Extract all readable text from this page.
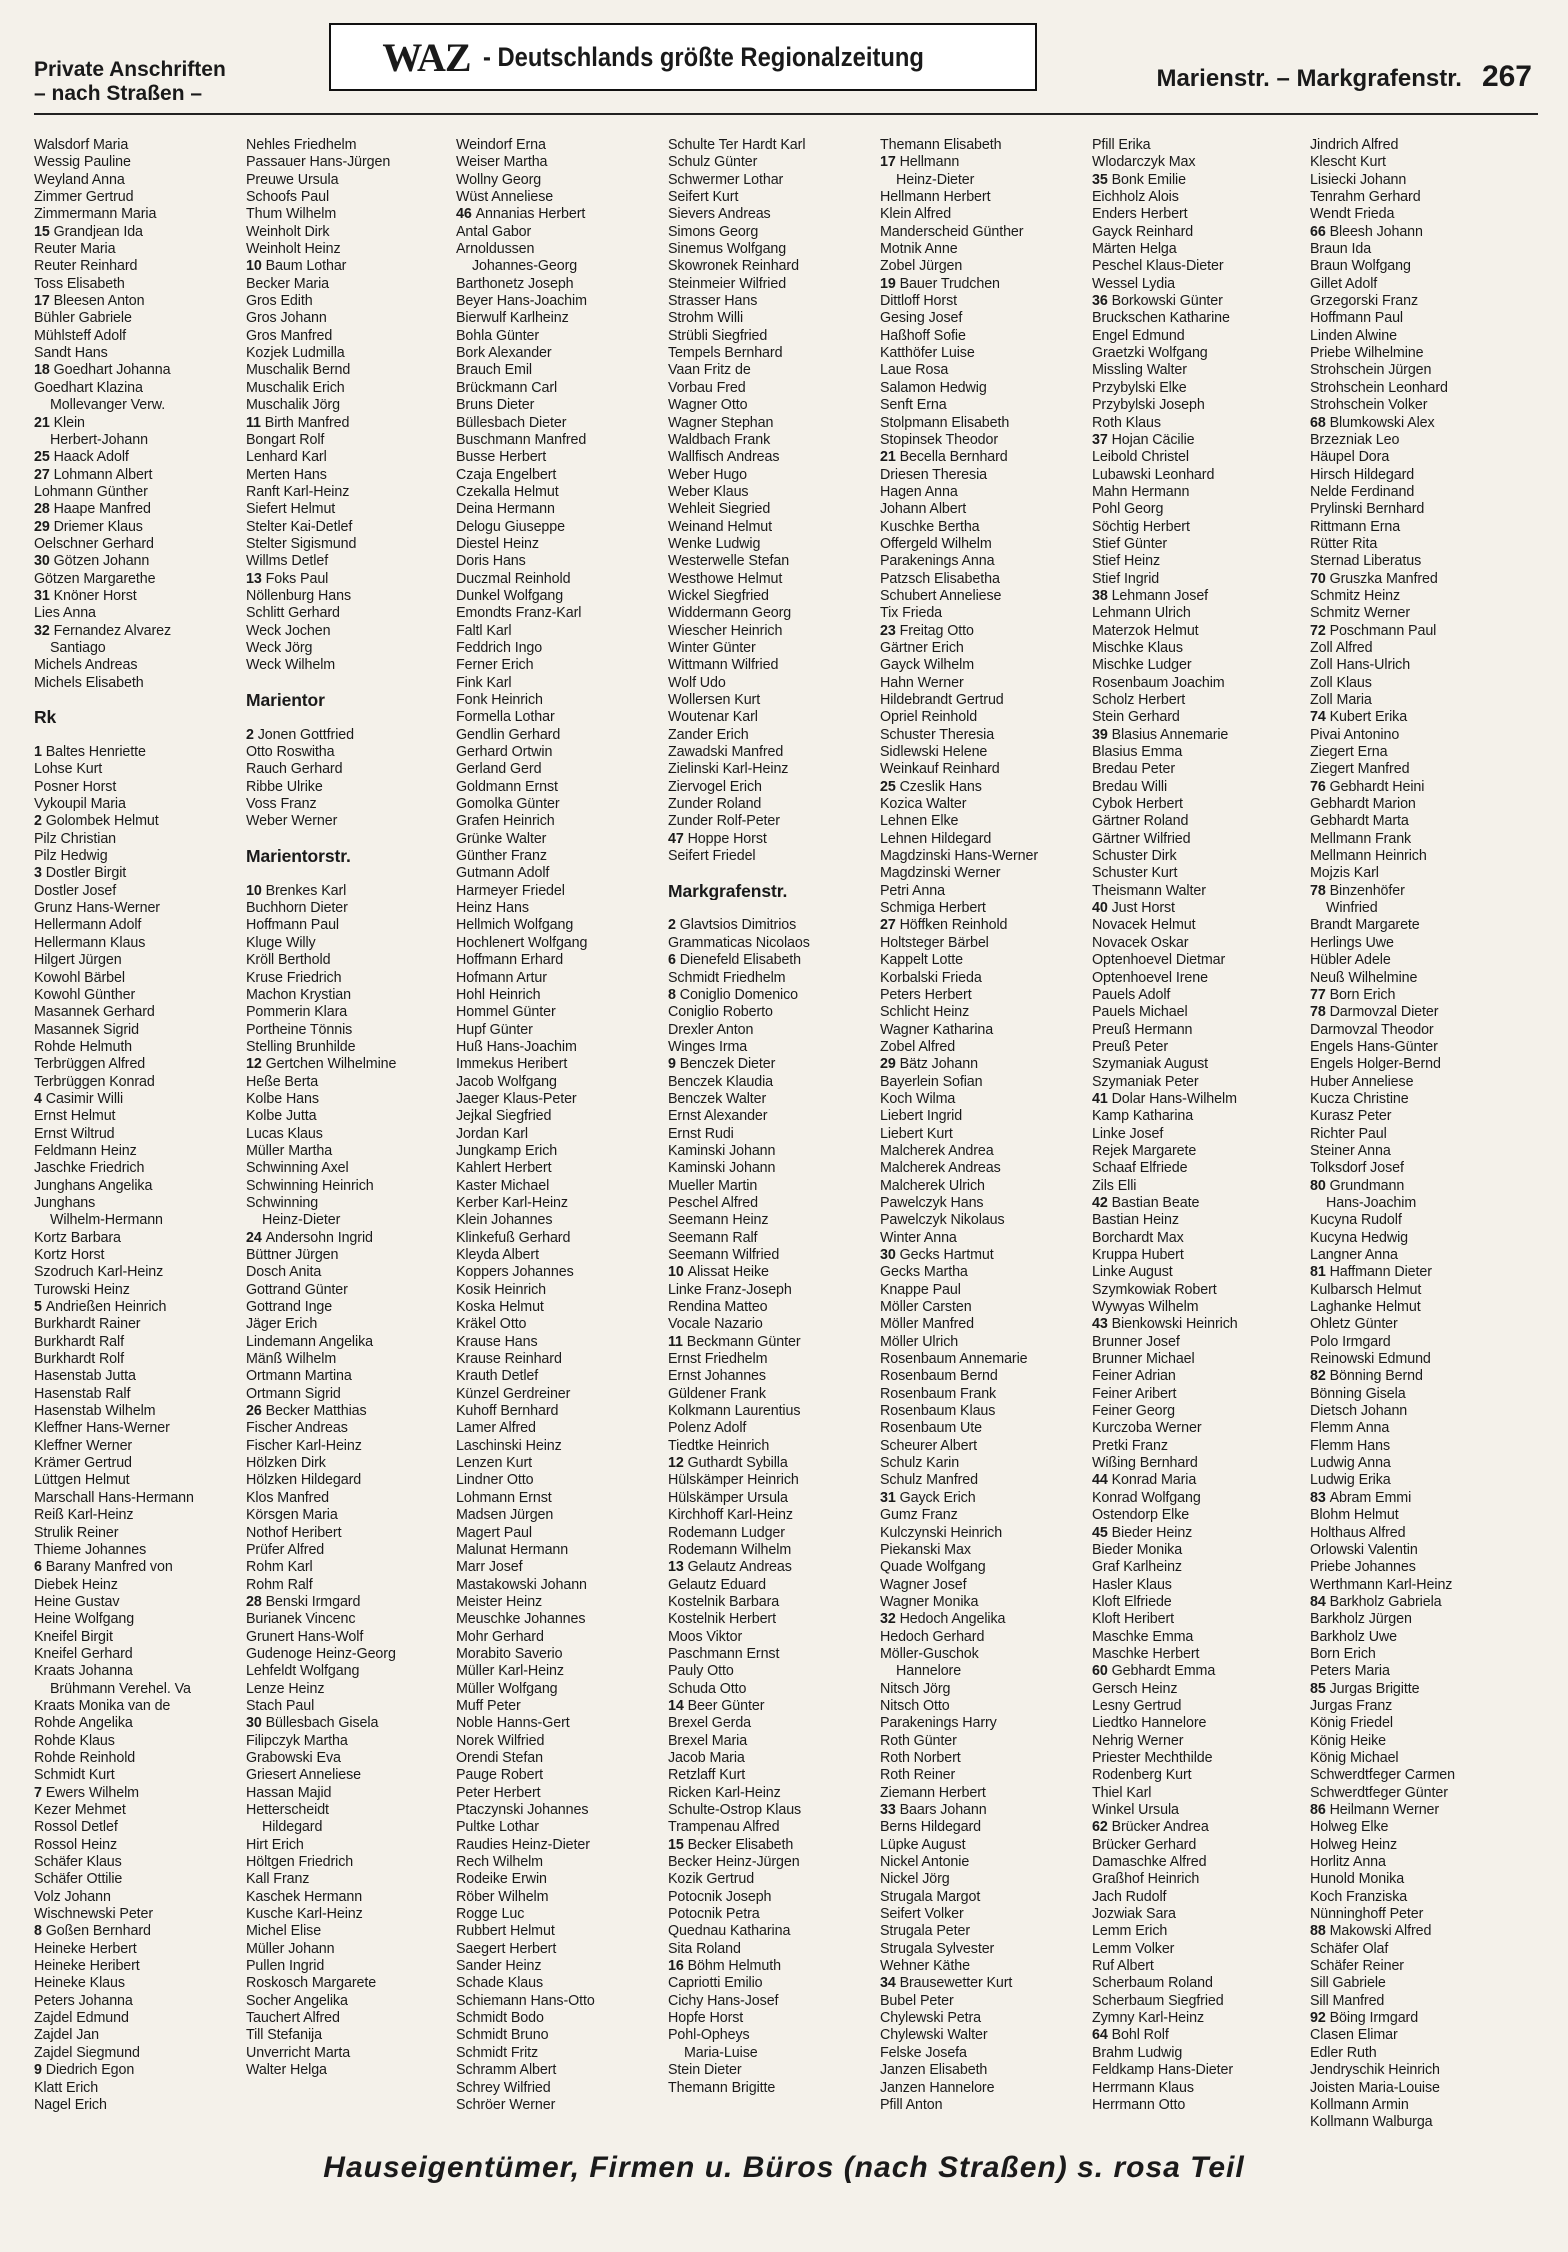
Private Anschriften
– nach Straßen –
WAZ - Deutschlands größte Regionalzeitung
Marienstr. – Markgrafenstr. 267
Walsdorf Maria
Wessig Pauline
Weyland Anna
Zimmer Gertrud
Zimmermann Maria
15 Grandjean Ida
Reuter Maria
Reuter Reinhard
Toss Elisabeth
17 Bleesen Anton
Bühler Gabriele
Mühlsteff Adolf
Sandt Hans
18 Goedhart Johanna
Goedhart Klazina
Mollevanger Verw.
21 Klein
Herbert-Johann
25 Haack Adolf
27 Lohmann Albert
Lohmann Günther
28 Haape Manfred
29 Driemer Klaus
Oelschner Gerhard
30 Götzen Johann
Götzen Margarethe
31 Knöner Horst
Lies Anna
32 Fernandez Alvarez
Santiago
Michels Andreas
Michels Elisabeth
Rk
1 Baltes Henriette
Lohse Kurt
Posner Horst
Vykoupil Maria
2 Golombek Helmut
Pilz Christian
Pilz Hedwig
3 Dostler Birgit
Dostler Josef
Grunz Hans-Werner
Hellermann Adolf
Hellermann Klaus
Hilgert Jürgen
Kowohl Bärbel
Kowohl Günther
Masannek Gerhard
Masannek Sigrid
Rohde Helmuth
Terbrüggen Alfred
Terbrüggen Konrad
4 Casimir Willi
Ernst Helmut
Ernst Wiltrud
Feldmann Heinz
Jaschke Friedrich
Junghans Angelika
Junghans
Wilhelm-Hermann
Kortz Barbara
Kortz Horst
Szodruch Karl-Heinz
Turowski Heinz
5 Andrießen Heinrich
Burkhardt Rainer
Burkhardt Ralf
Burkhardt Rolf
Hasenstab Jutta
Hasenstab Ralf
Hasenstab Wilhelm
Kleffner Hans-Werner
Kleffner Werner
Krämer Gertrud
Lüttgen Helmut
Marschall Hans-Hermann
Reiß Karl-Heinz
Strulik Reiner
Thieme Johannes
6 Barany Manfred von
Diebek Heinz
Heine Gustav
Heine Wolfgang
Kneifel Birgit
Kneifel Gerhard
Kraats Johanna
Brühmann Verehel. Va
Kraats Monika van de
Rohde Angelika
Rohde Klaus
Rohde Reinhold
Schmidt Kurt
7 Ewers Wilhelm
Kezer Mehmet
Rossol Detlef
Rossol Heinz
Schäfer Klaus
Schäfer Ottilie
Volz Johann
Wischnewski Peter
8 Goßen Bernhard
Heineke Herbert
Heineke Heribert
Heineke Klaus
Peters Johanna
Zajdel Edmund
Zajdel Jan
Zajdel Siegmund
9 Diedrich Egon
Klatt Erich
Nagel Erich
Nehles Friedhelm
Passauer Hans-Jürgen
Preuwe Ursula
Schoofs Paul
Thum Wilhelm
Weinholt Dirk
Weinholt Heinz
10 Baum Lothar
Becker Maria
Gros Edith
Gros Johann
Gros Manfred
Kozjek Ludmilla
Muschalik Bernd
Muschalik Erich
Muschalik Jörg
11 Birth Manfred
Bongart Rolf
Lenhard Karl
Merten Hans
Ranft Karl-Heinz
Siefert Helmut
Stelter Kai-Detlef
Stelter Sigismund
Willms Detlef
13 Foks Paul
Nöllenburg Hans
Schlitt Gerhard
Weck Jochen
Weck Jörg
Weck Wilhelm
Marientor
2 Jonen Gottfried
Otto Roswitha
Rauch Gerhard
Ribbe Ulrike
Voss Franz
Weber Werner
Marientorstr.
10 Brenkes Karl
Buchhorn Dieter
Hoffmann Paul
Kluge Willy
Kröll Berthold
Kruse Friedrich
Machon Krystian
Pommerin Klara
Portheine Tönnis
Stelling Brunhilde
12 Gertchen Wilhelmine
Heße Berta
Kolbe Hans
Kolbe Jutta
Lucas Klaus
Müller Martha
Schwinning Axel
Schwinning Heinrich
Schwinning
Heinz-Dieter
24 Andersohn Ingrid
Büttner Jürgen
Dosch Anita
Gottrand Günter
Gottrand Inge
Jäger Erich
Lindemann Angelika
Mänß Wilhelm
Ortmann Martina
Ortmann Sigrid
26 Becker Matthias
Fischer Andreas
Fischer Karl-Heinz
Hölzken Dirk
Hölzken Hildegard
Klos Manfred
Körsgen Maria
Nothof Heribert
Prüfer Alfred
Rohm Karl
Rohm Ralf
28 Benski Irmgard
Burianek Vincenc
Grunert Hans-Wolf
Gudenoge Heinz-Georg
Lehfeldt Wolfgang
Lenze Heinz
Stach Paul
30 Büllesbach Gisela
Filipczyk Martha
Grabowski Eva
Griesert Anneliese
Hassan Majid
Hetterscheidt
Hildegard
Hirt Erich
Höltgen Friedrich
Kall Franz
Kaschek Hermann
Kusche Karl-Heinz
Michel Elise
Müller Johann
Pullen Ingrid
Roskosch Margarete
Socher Angelika
Tauchert Alfred
Till Stefanija
Unverricht Marta
Walter Helga
Weindorf Erna
Weiser Martha
Wollny Georg
Wüst Anneliese
46 Annanias Herbert
Antal Gabor
Arnoldussen
Johannes-Georg
Barthonetz Joseph
Beyer Hans-Joachim
Bierwulf Karlheinz
Bohla Günter
Bork Alexander
Brauch Emil
Brückmann Carl
Bruns Dieter
Büllesbach Dieter
Buschmann Manfred
Busse Herbert
Czaja Engelbert
Czekalla Helmut
Deina Hermann
Delogu Giuseppe
Diestel Heinz
Doris Hans
Duczmal Reinhold
Dunkel Wolfgang
Emondts Franz-Karl
Faltl Karl
Feddrich Ingo
Ferner Erich
Fink Karl
Fonk Heinrich
Formella Lothar
Gendlin Gerhard
Gerhard Ortwin
Gerland Gerd
Goldmann Ernst
Gomolka Günter
Grafen Heinrich
Grünke Walter
Günther Franz
Gutmann Adolf
Harmeyer Friedel
Heinz Hans
Hellmich Wolfgang
Hochlenert Wolfgang
Hoffmann Erhard
Hofmann Artur
Hohl Heinrich
Hommel Günter
Hupf Günter
Huß Hans-Joachim
Immekus Heribert
Jacob Wolfgang
Jaeger Klaus-Peter
Jejkal Siegfried
Jordan Karl
Jungkamp Erich
Kahlert Herbert
Kaster Michael
Kerber Karl-Heinz
Klein Johannes
Klinkefuß Gerhard
Kleyda Albert
Koppers Johannes
Kosik Heinrich
Koska Helmut
Kräkel Otto
Krause Hans
Krause Reinhard
Krauth Detlef
Künzel Gerdreiner
Kuhoff Bernhard
Lamer Alfred
Laschinski Heinz
Lenzen Kurt
Lindner Otto
Lohmann Ernst
Madsen Jürgen
Magert Paul
Malunat Hermann
Marr Josef
Mastakowski Johann
Meister Heinz
Meuschke Johannes
Mohr Gerhard
Morabito Saverio
Müller Karl-Heinz
Müller Wolfgang
Muff Peter
Noble Hanns-Gert
Norek Wilfried
Orendi Stefan
Pauge Robert
Peter Herbert
Ptaczynski Johannes
Pultke Lothar
Raudies Heinz-Dieter
Rech Wilhelm
Rodeike Erwin
Röber Wilhelm
Rogge Luc
Rubbert Helmut
Saegert Herbert
Sander Heinz
Schade Klaus
Schiemann Hans-Otto
Schmidt Bodo
Schmidt Bruno
Schmidt Fritz
Schramm Albert
Schrey Wilfried
Schröer Werner
Schulte Ter Hardt Karl
Schulz Günter
Schwermer Lothar
Seifert Kurt
Sievers Andreas
Simons Georg
Sinemus Wolfgang
Skowronek Reinhard
Steinmeier Wilfried
Strasser Hans
Strohm Willi
Strübli Siegfried
Tempels Bernhard
Vaan Fritz de
Vorbau Fred
Wagner Otto
Wagner Stephan
Waldbach Frank
Wallfisch Andreas
Weber Hugo
Weber Klaus
Wehleit Siegried
Weinand Helmut
Wenke Ludwig
Westerwelle Stefan
Westhowe Helmut
Wickel Siegfried
Widdermann Georg
Wiescher Heinrich
Winter Günter
Wittmann Wilfried
Wolf Udo
Wollersen Kurt
Woutenar Karl
Zander Erich
Zawadski Manfred
Zielinski Karl-Heinz
Ziervogel Erich
Zunder Roland
Zunder Rolf-Peter
47 Hoppe Horst
Seifert Friedel
Markgrafenstr.
2 Glavtsios Dimitrios
Grammaticas Nicolaos
6 Dienefeld Elisabeth
Schmidt Friedhelm
8 Coniglio Domenico
Coniglio Roberto
Drexler Anton
Winges Irma
9 Benczek Dieter
Benczek Klaudia
Benczek Walter
Ernst Alexander
Ernst Rudi
Kaminski Johann
Kaminski Johann
Mueller Martin
Peschel Alfred
Seemann Heinz
Seemann Ralf
Seemann Wilfried
10 Alissat Heike
Linke Franz-Joseph
Rendina Matteo
Vocale Nazario
11 Beckmann Günter
Ernst Friedhelm
Ernst Johannes
Güldener Frank
Kolkmann Laurentius
Polenz Adolf
Tiedtke Heinrich
12 Guthardt Sybilla
Hülskämper Heinrich
Hülskämper Ursula
Kirchhoff Karl-Heinz
Rodemann Ludger
Rodemann Wilhelm
13 Gelautz Andreas
Gelautz Eduard
Kostelnik Barbara
Kostelnik Herbert
Moos Viktor
Paschmann Ernst
Pauly Otto
Schuda Otto
14 Beer Günter
Brexel Gerda
Brexel Maria
Jacob Maria
Retzlaff Kurt
Ricken Karl-Heinz
Schulte-Ostrop Klaus
Trampenau Alfred
15 Becker Elisabeth
Becker Heinz-Jürgen
Kozik Gertrud
Potocnik Joseph
Potocnik Petra
Quednau Katharina
Sita Roland
16 Böhm Helmuth
Capriotti Emilio
Cichy Hans-Josef
Hopfe Horst
Pohl-Opheys
Maria-Luise
Stein Dieter
Themann Brigitte
Themann Elisabeth
17 Hellmann
Heinz-Dieter
Hellmann Herbert
Klein Alfred
Manderscheid Günther
Motnik Anne
Zobel Jürgen
19 Bauer Trudchen
Dittloff Horst
Gesing Josef
Haßhoff Sofie
Katthöfer Luise
Laue Rosa
Salamon Hedwig
Senft Erna
Stolpmann Elisabeth
Stopinsek Theodor
21 Becella Bernhard
Driesen Theresia
Hagen Anna
Johann Albert
Kuschke Bertha
Offergeld Wilhelm
Parakenings Anna
Patzsch Elisabetha
Schubert Anneliese
Tix Frieda
23 Freitag Otto
Gärtner Erich
Gayck Wilhelm
Hahn Werner
Hildebrandt Gertrud
Opriel Reinhold
Schuster Theresia
Sidlewski Helene
Weinkauf Reinhard
25 Czeslik Hans
Kozica Walter
Lehnen Elke
Lehnen Hildegard
Magdzinski Hans-Werner
Magdzinski Werner
Petri Anna
Schmiga Herbert
27 Höffken Reinhold
Holtsteger Bärbel
Kappelt Lotte
Korbalski Frieda
Peters Herbert
Schlicht Heinz
Wagner Katharina
Zobel Alfred
29 Bätz Johann
Bayerlein Sofian
Koch Wilma
Liebert Ingrid
Liebert Kurt
Malcherek Andrea
Malcherek Andreas
Malcherek Ulrich
Pawelczyk Hans
Pawelczyk Nikolaus
Winter Anna
30 Gecks Hartmut
Gecks Martha
Knappe Paul
Möller Carsten
Möller Manfred
Möller Ulrich
Rosenbaum Annemarie
Rosenbaum Bernd
Rosenbaum Frank
Rosenbaum Klaus
Rosenbaum Ute
Scheurer Albert
Schulz Karin
Schulz Manfred
31 Gayck Erich
Gumz Franz
Kulczynski Heinrich
Piekanski Max
Quade Wolfgang
Wagner Josef
Wagner Monika
32 Hedoch Angelika
Hedoch Gerhard
Möller-Guschok
Hannelore
Nitsch Jörg
Nitsch Otto
Parakenings Harry
Roth Günter
Roth Norbert
Roth Reiner
Ziemann Herbert
33 Baars Johann
Berns Hildegard
Lüpke August
Nickel Antonie
Nickel Jörg
Strugala Margot
Seifert Volker
Strugala Peter
Strugala Sylvester
Wehner Käthe
34 Brausewetter Kurt
Bubel Peter
Chylewski Petra
Chylewski Walter
Felske Josefa
Janzen Elisabeth
Janzen Hannelore
Pfill Anton
Pfill Erika
Wlodarczyk Max
35 Bonk Emilie
Eichholz Alois
Enders Herbert
Gayck Reinhard
Märten Helga
Peschel Klaus-Dieter
Wessel Lydia
36 Borkowski Günter
Bruckschen Katharine
Engel Edmund
Graetzki Wolfgang
Missling Walter
Przybylski Elke
Przybylski Joseph
Roth Klaus
37 Hojan Cäcilie
Leibold Christel
Lubawski Leonhard
Mahn Hermann
Pohl Georg
Söchtig Herbert
Stief Günter
Stief Heinz
Stief Ingrid
38 Lehmann Josef
Lehmann Ulrich
Materzok Helmut
Mischke Klaus
Mischke Ludger
Rosenbaum Joachim
Scholz Herbert
Stein Gerhard
39 Blasius Annemarie
Blasius Emma
Bredau Peter
Bredau Willi
Cybok Herbert
Gärtner Roland
Gärtner Wilfried
Schuster Dirk
Schuster Kurt
Theismann Walter
40 Just Horst
Novacek Helmut
Novacek Oskar
Optenhoevel Dietmar
Optenhoevel Irene
Pauels Adolf
Pauels Michael
Preuß Hermann
Preuß Peter
Szymaniak August
Szymaniak Peter
41 Dolar Hans-Wilhelm
Kamp Katharina
Linke Josef
Rejek Margarete
Schaaf Elfriede
Zils Elli
42 Bastian Beate
Bastian Heinz
Borchardt Max
Kruppa Hubert
Linke August
Szymkowiak Robert
Wywyas Wilhelm
43 Bienkowski Heinrich
Brunner Josef
Brunner Michael
Feiner Adrian
Feiner Aribert
Feiner Georg
Kurczoba Werner
Pretki Franz
Wißing Bernhard
44 Konrad Maria
Konrad Wolfgang
Ostendorp Elke
45 Bieder Heinz
Bieder Monika
Graf Karlheinz
Hasler Klaus
Kloft Elfriede
Kloft Heribert
Maschke Emma
Maschke Herbert
60 Gebhardt Emma
Gersch Heinz
Lesny Gertrud
Liedtko Hannelore
Nehrig Werner
Priester Mechthilde
Rodenberg Kurt
Thiel Karl
Winkel Ursula
62 Brücker Andrea
Brücker Gerhard
Damaschke Alfred
Graßhof Heinrich
Jach Rudolf
Jozwiak Sara
Lemm Erich
Lemm Volker
Ruf Albert
Scherbaum Roland
Scherbaum Siegfried
Zymny Karl-Heinz
64 Bohl Rolf
Brahm Ludwig
Feldkamp Hans-Dieter
Herrmann Klaus
Herrmann Otto
Jindrich Alfred
Klescht Kurt
Lisiecki Johann
Tenrahm Gerhard
Wendt Frieda
66 Bleesh Johann
Braun Ida
Braun Wolfgang
Gillet Adolf
Grzegorski Franz
Hoffmann Paul
Linden Alwine
Priebe Wilhelmine
Strohschein Jürgen
Strohschein Leonhard
Strohschein Volker
68 Blumkowski Alex
Brzezniak Leo
Häupel Dora
Hirsch Hildegard
Nelde Ferdinand
Prylinski Bernhard
Rittmann Erna
Rütter Rita
Sternad Liberatus
70 Gruszka Manfred
Schmitz Heinz
Schmitz Werner
72 Poschmann Paul
Zoll Alfred
Zoll Hans-Ulrich
Zoll Klaus
Zoll Maria
74 Kubert Erika
Pivai Antonino
Ziegert Erna
Ziegert Manfred
76 Gebhardt Heini
Gebhardt Marion
Gebhardt Marta
Mellmann Frank
Mellmann Heinrich
Mojzis Karl
78 Binzenhöfer
Winfried
Brandt Margarete
Herlings Uwe
Hübler Adele
Neuß Wilhelmine
77 Born Erich
78 Darmovzal Dieter
Darmovzal Theodor
Engels Hans-Günter
Engels Holger-Bernd
Huber Anneliese
Kucza Christine
Kurasz Peter
Richter Paul
Steiner Anna
Tolksdorf Josef
80 Grundmann
Hans-Joachim
Kucyna Rudolf
Kucyna Hedwig
Langner Anna
81 Haffmann Dieter
Kulbarsch Helmut
Laghanke Helmut
Ohletz Günter
Polo Irmgard
Reinowski Edmund
82 Bönning Bernd
Bönning Gisela
Dietsch Johann
Flemm Anna
Flemm Hans
Ludwig Anna
Ludwig Erika
83 Abram Emmi
Blohm Helmut
Holthaus Alfred
Orlowski Valentin
Priebe Johannes
Werthmann Karl-Heinz
84 Barkholz Gabriela
Barkholz Jürgen
Barkholz Uwe
Born Erich
Peters Maria
85 Jurgas Brigitte
Jurgas Franz
König Friedel
König Heike
König Michael
Schwerdtfeger Carmen
Schwerdtfeger Günter
86 Heilmann Werner
Holweg Elke
Holweg Heinz
Horlitz Anna
Hunold Monika
Koch Franziska
Nünninghoff Peter
88 Makowski Alfred
Schäfer Olaf
Schäfer Reiner
Sill Gabriele
Sill Manfred
92 Böing Irmgard
Clasen Elimar
Edler Ruth
Jendryschik Heinrich
Joisten Maria-Louise
Kollmann Armin
Kollmann Walburga
Hauseigentümer, Firmen u. Büros (nach Straßen) s. rosa Teil
